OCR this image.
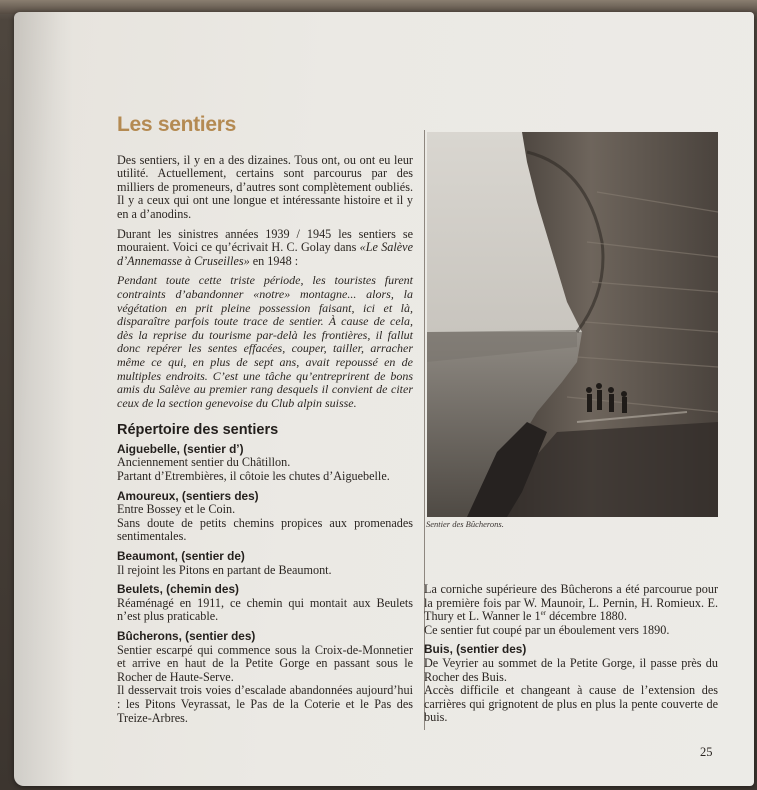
Les sentiers

Des sentiers, il y en a des dizaines. Tous ont, ou ont eu leur utilité. Actuellement, certains sont parcourus par des milliers de promeneurs, d’autres sont complètement oubliés. Il y a ceux qui ont une longue et intéressante histoire et il y en a d’anodins.

Durant les sinistres années 1939 / 1945 les sentiers se mouraient. Voici ce qu’écrivait H. C. Golay dans «Le Salève d’Annemasse à Cruseilles» en 1948 :

Pendant toute cette triste période, les touristes furent contraints d’abandonner «notre» montagne... alors, la végétation en prit pleine possession faisant, ici et là, disparaître parfois toute trace de sentier. À cause de cela, dès la reprise du tourisme par-delà les frontières, il fallut donc repérer les sentes effacées, couper, tailler, arracher même ce qui, en plus de sept ans, avait repoussé en de multiples endroits. C’est une tâche qu’entreprirent de bons amis du Salève au premier rang desquels il convient de citer ceux de la section genevoise du Club alpin suisse.

Répertoire des sentiers
Aiguebelle, (sentier d’)
Anciennement sentier du Châtillon.
Partant d’Etrembières, il côtoie les chutes d’Aiguebelle.
Amoureux, (sentiers des)
Entre Bossey et le Coin.
Sans doute de petits chemins propices aux promenades sentimentales.
Beaumont, (sentier de)
Il rejoint les Pitons en partant de Beaumont.
Beulets, (chemin des)
Réaménagé en 1911, ce chemin qui montait aux Beulets n’est plus praticable.
Bûcherons, (sentier des)
Sentier escarpé qui commence sous la Croix-de-Monnetier et arrive en haut de la Petite Gorge en passant sous le Rocher de Haute-Serve.
Il desservait trois voies d’escalade abandonnées aujourd’hui : les Pitons Veyrassat, le Pas de la Coterie et le Pas des Treize-Arbres.
Sentier des Bûcherons.

La corniche supérieure des Bûcherons a été parcourue pour la première fois par W. Maunoir, L. Pernin, H. Romieux. E. Thury et L. Wanner le 1er décembre 1880.
Ce sentier fut coupé par un éboulement vers 1890.

Buis, (sentier des)
De Veyrier au sommet de la Petite Gorge, il passe près du Rocher des Buis.
Accès difficile et changeant à cause de l’extension des carrières qui grignotent de plus en plus la pente couverte de buis.
25
